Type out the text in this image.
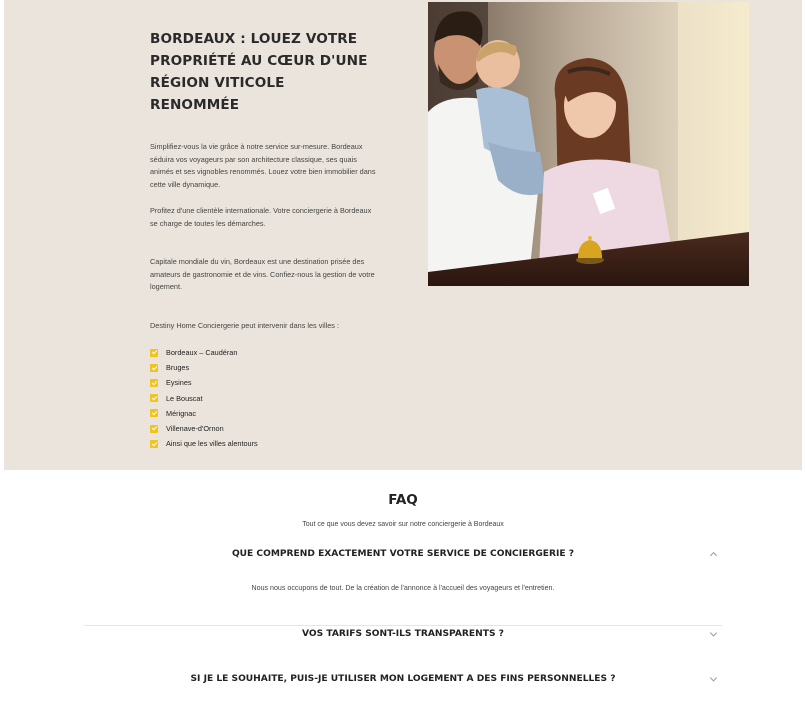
BORDEAUX : LOUEZ VOTRE PROPRIÉTÉ AU CŒUR D'UNE RÉGION VITICOLE RENOMMÉE

Simplifiez-vous la vie grâce à notre service sur-mesure. Bordeaux séduira vos voyageurs par son architecture classique, ses quais animés et ses vignobles renommés. Louez votre bien immobilier dans cette ville dynamique.

Profitez d'une clientèle internationale. Votre conciergerie à Bordeaux se charge de toutes les démarches.

Capitale mondiale du vin, Bordeaux est une destination prisée des amateurs de gastronomie et de vins. Confiez-nous la gestion de votre logement.

Destiny Home Conciergerie peut intervenir dans les villes :

Bordeaux – Caudéran
Bruges
Eysines
Le Bouscat
Mérignac
Villenave-d'Ornon
Ainsi que les villes alentours
FAQ

Tout ce que vous devez savoir sur notre conciergerie à Bordeaux

QUE COMPREND EXACTEMENT VOTRE SERVICE DE CONCIERGERIE ?
Nous nous occupons de tout. De la création de l'annonce à l'accueil des voyageurs et l'entretien.
VOS TARIFS SONT-ILS TRANSPARENTS ?
SI JE LE SOUHAITE, PUIS-JE UTILISER MON LOGEMENT A DES FINS PERSONNELLES ?
